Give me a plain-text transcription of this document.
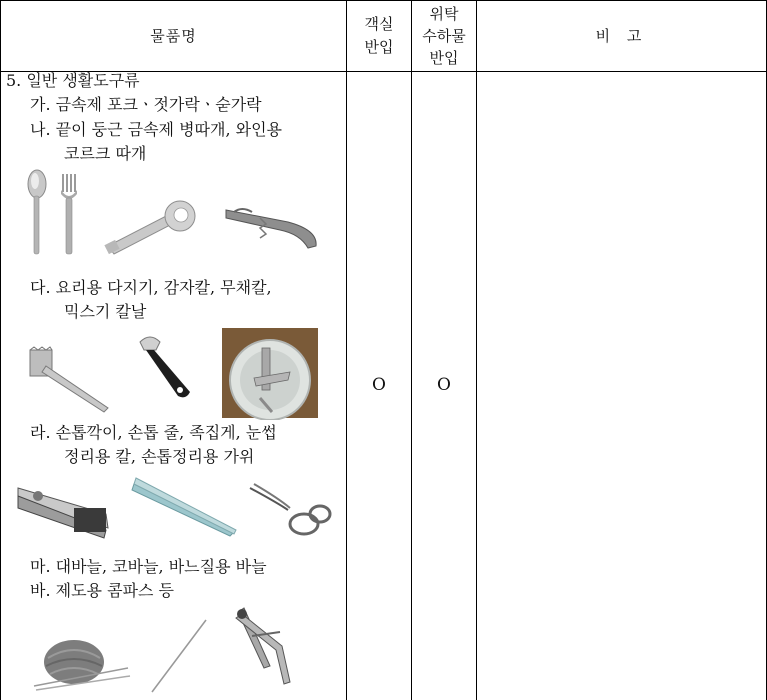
물품명
객실
반입
위탁
수하물
반입
비 고
5. 일반 생활도구류
가. 금속제 포크ㆍ젓가락ㆍ숟가락
나. 끝이 둥근 금속제 병따개, 와인용
코르크 따개
다. 요리용 다지기, 감자칼, 무채칼,
믹스기 칼날
라. 손톱깍이, 손톱 줄, 족집게, 눈썹
정리용 칼, 손톱정리용 가위
마. 대바늘, 코바늘, 바느질용 바늘
바. 제도용 콤파스 등
O	O
